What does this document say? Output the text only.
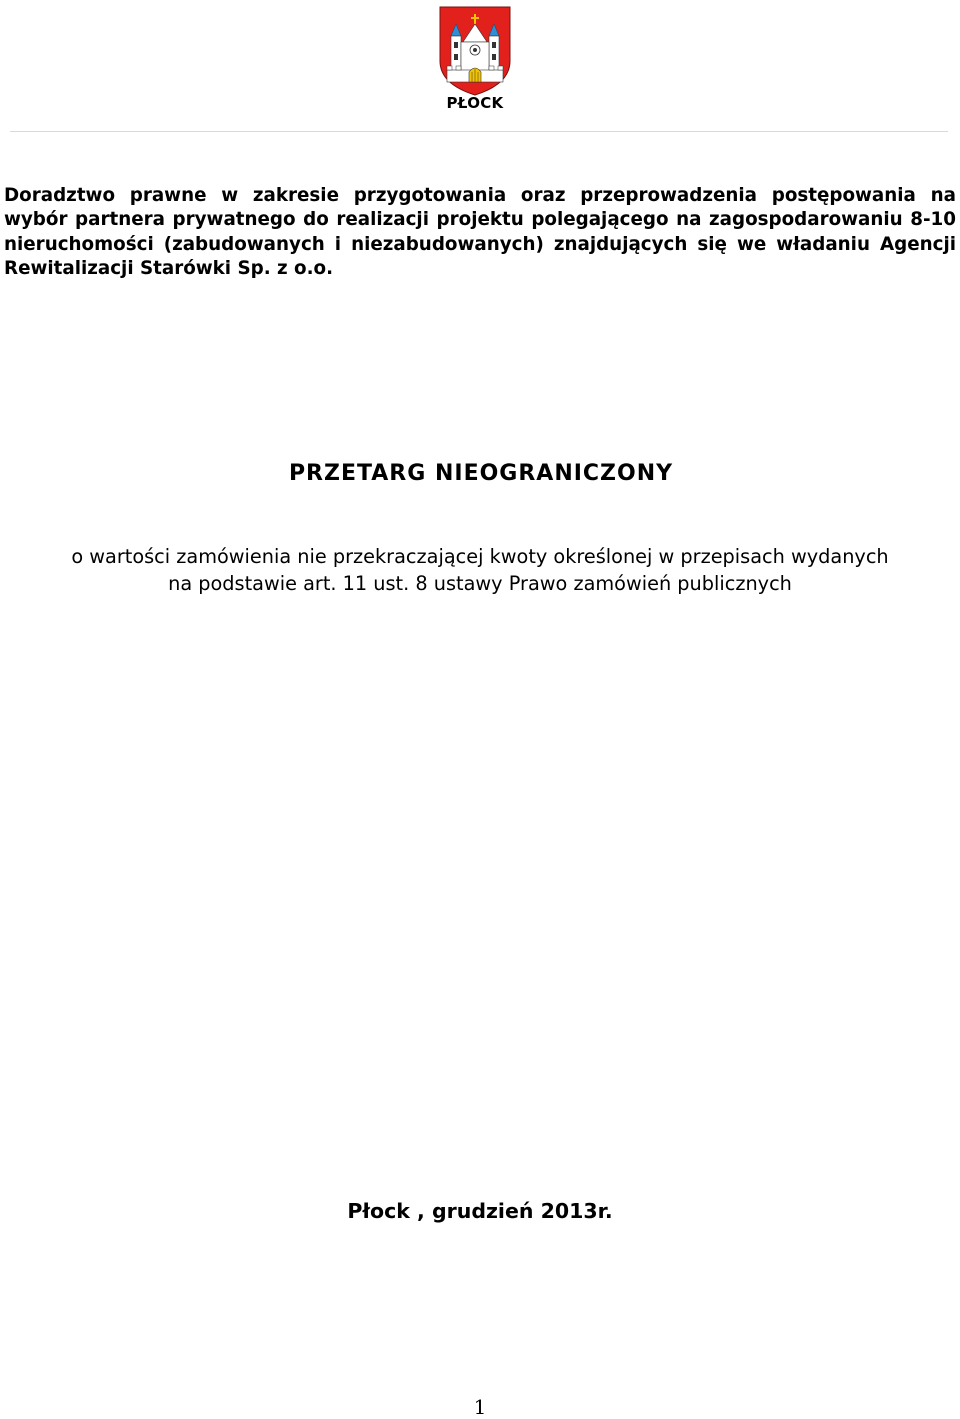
PŁOCK

Doradztwo prawne w zakresie przygotowania oraz przeprowadzenia postępowania na wybór partnera prywatnego do realizacji projektu polegającego na zagospodarowaniu 8-10 nieruchomości (zabudowanych i niezabudowanych) znajdujących się we władaniu Agencji Rewitalizacji Starówki Sp. z o.o.

PRZETARG NIEOGRANICZONY

o wartości zamówienia nie przekraczającej kwoty określonej w przepisach wydanych
na podstawie art. 11 ust. 8 ustawy Prawo zamówień publicznych

Płock , grudzień 2013r.

1
